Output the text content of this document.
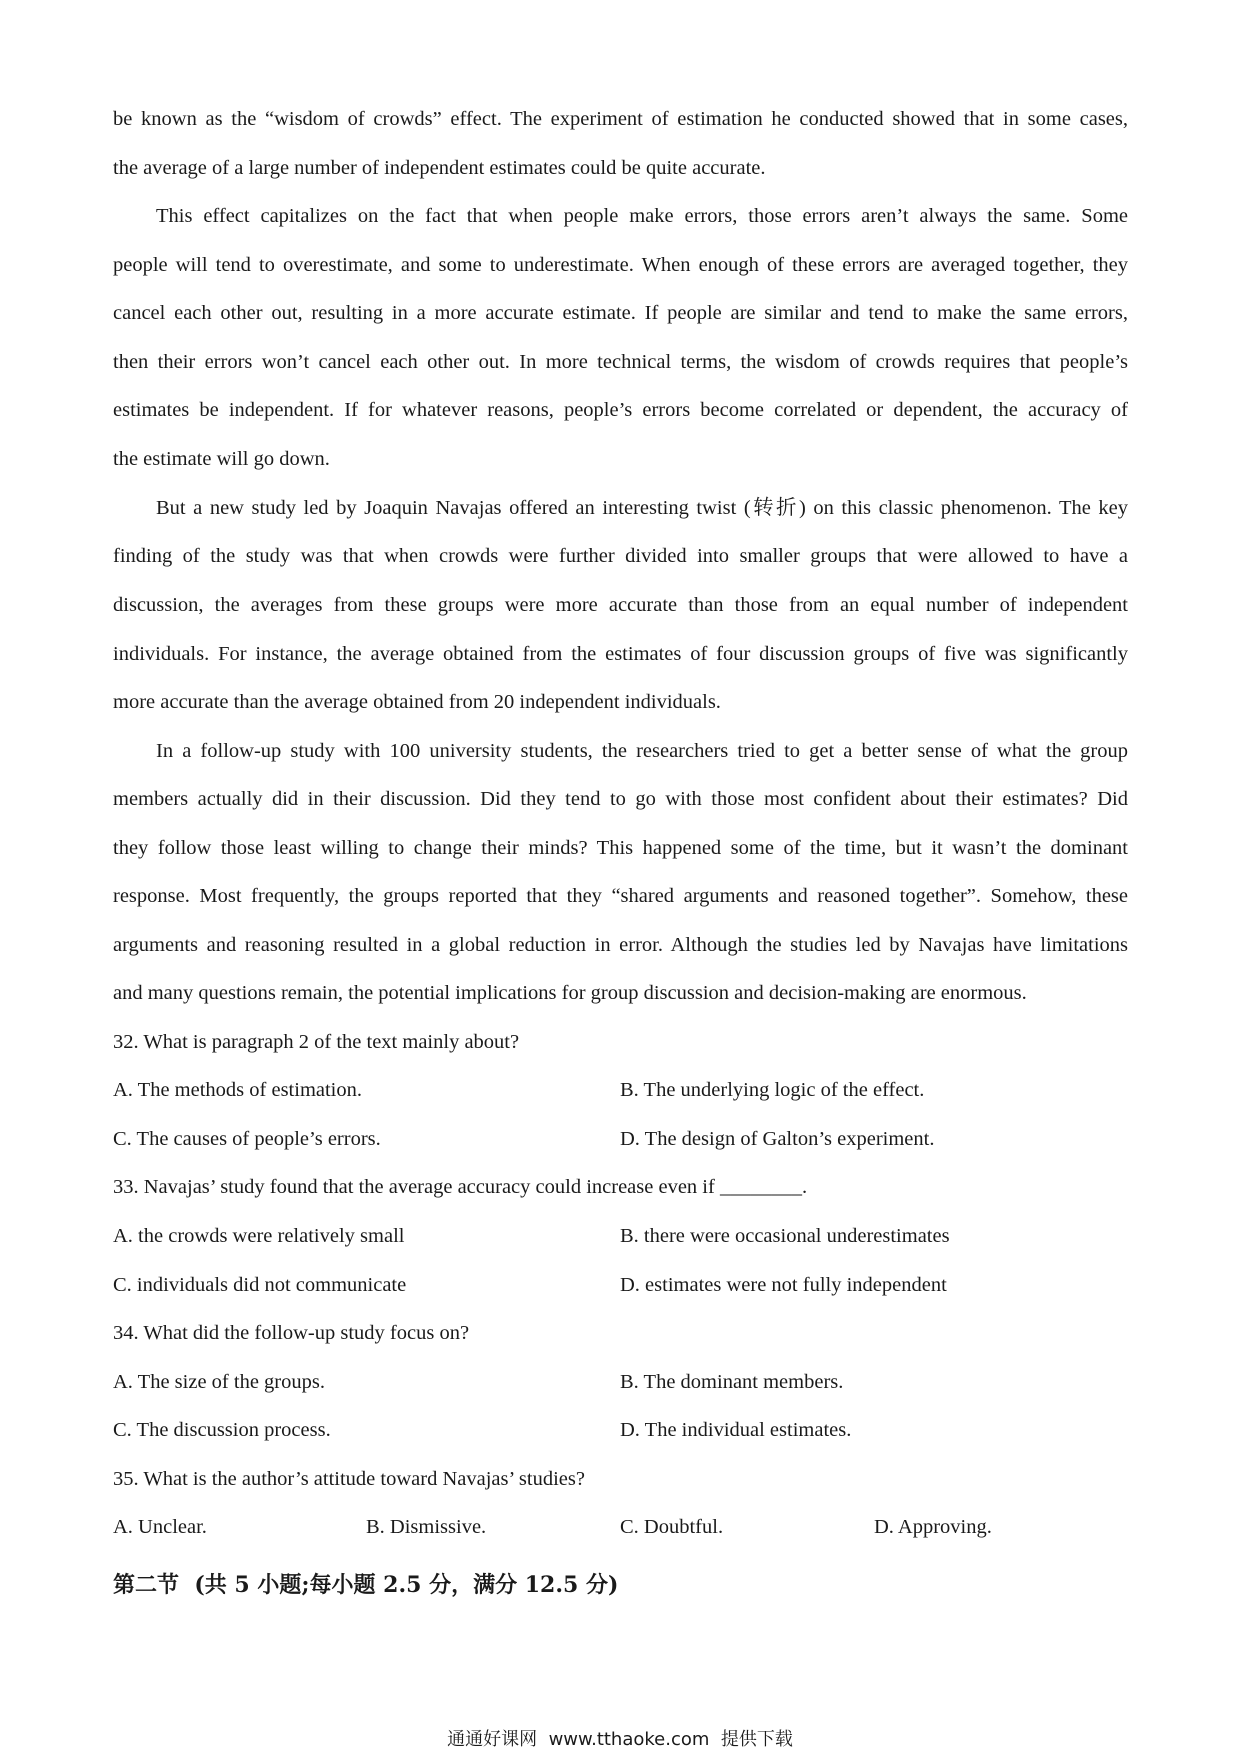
be known as the “wisdom of crowds” effect. The experiment of estimation he conducted showed that in some cases,
the average of a large number of independent estimates could be quite accurate.
This effect capitalizes on the fact that when people make errors, those errors aren’t always the same. Some
people will tend to overestimate, and some to underestimate. When enough of these errors are averaged together, they
cancel each other out, resulting in a more accurate estimate. If people are similar and tend to make the same errors,
then their errors won’t cancel each other out. In more technical terms, the wisdom of crowds requires that people’s
estimates be independent. If for whatever reasons, people’s errors become correlated or dependent, the accuracy of
the estimate will go down.
But a new study led by Joaquin Navajas offered an interesting twist (转折) on this classic phenomenon. The key
finding of the study was that when crowds were further divided into smaller groups that were allowed to have a
discussion, the averages from these groups were more accurate than those from an equal number of independent
individuals. For instance, the average obtained from the estimates of four discussion groups of five was significantly
more accurate than the average obtained from 20 independent individuals.
In a follow-up study with 100 university students, the researchers tried to get a better sense of what the group
members actually did in their discussion. Did they tend to go with those most confident about their estimates? Did
they follow those least willing to change their minds? This happened some of the time, but it wasn’t the dominant
response. Most frequently, the groups reported that they “shared arguments and reasoned together”. Somehow, these
arguments and reasoning resulted in a global reduction in error. Although the studies led by Navajas have limitations
and many questions remain, the potential implications for group discussion and decision-making are enormous.
32. What is paragraph 2 of the text mainly about?
A. The methods of estimation.	B. The underlying logic of the effect.
C. The causes of people’s errors.	D. The design of Galton’s experiment.
33. Navajas’ study found that the average accuracy could increase even if ________.
A. the crowds were relatively small	B. there were occasional underestimates
C. individuals did not communicate	D. estimates were not fully independent
34. What did the follow-up study focus on?
A. The size of the groups.	B. The dominant members.
C. The discussion process.	D. The individual estimates.
35. What is the author’s attitude toward Navajas’ studies?
A. Unclear.	B. Dismissive.	C. Doubtful.	D. Approving.
第二节  (共 5 小题;每小题 2.5 分，满分 12.5 分)
通通好课网  www.tthaoke.com  提供下载
